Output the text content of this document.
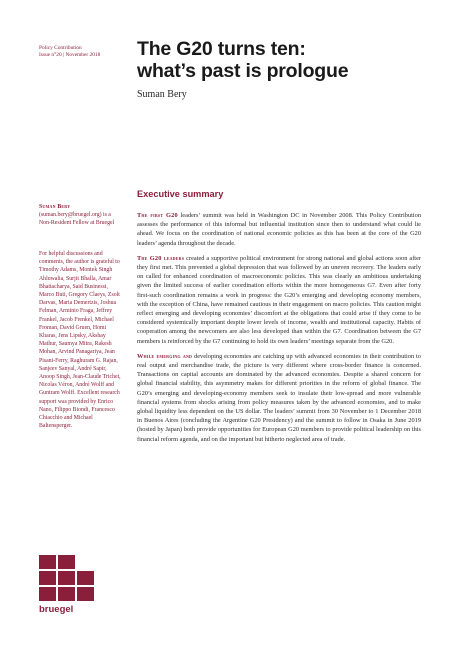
Policy Contribution
Issue n°20 | November 2018 The G20 turns ten:
what’s past is prologue
Suman Bery
Executive summary
Suman Bery (suman.bery@bruegel.org) is a Non-Resident Fellow at Bruegel
For helpful discussions and comments, the author is grateful to Timothy Adams, Montek Singh Ahluwalia, Surjit Bhalla, Amar Bhattacharya, Said Businessi, Marco Buti, Gregory Claeys, Zsolt Darvas, Maria Demertzis, Joshua Felman, Arminio Fraga, Jeffrey Frankel, Jacob Frenkel, Michael Froman, David Gruen, Homi Kharas, Jens Lipsky, Akshay Mathur, Saumya Mitra, Rakesh Mohan, Arvind Panagariya, Jean Pisani-Ferry, Raghuram G. Rajan, Sanjeev Sanyal, André Sapir, Anoop Singh, Jean-Claude Trichet, Nicolas Véron, André Wolff and Guntram Wolff. Excellent research support was provided by Enrico Nano, Filippo Biondi, Francesco Chiacchio and Michael Baltensperger.

The first G20 leaders’ summit was held in Washington DC in November 2008. This Policy Contribution assesses the performance of this informal but influential institution since then to understand what could lie ahead. We focus on the coordination of national economic policies as this has been at the core of the G20 leaders’ agenda throughout the decade.

The G20 leaders created a supportive political environment for strong national and global actions soon after they first met. This prevented a global depression that was followed by an uneven recovery. The leaders early on called for enhanced coordination of macroeconomic policies. This was clearly an ambitious undertaking given the limited success of earlier coordination efforts within the more homogeneous G7. Even after forty first-such coordination remains a work in progress: the G20’s emerging and developing economy members, with the exception of China, have remained cautious in their engagement on macro policies. This caution might reflect emerging and developing economies’ discomfort at the obligations that could arise if they come to be considered systemically important despite lower levels of income, wealth and institutional capacity. Habits of cooperation among the newcomers are also less developed than within the G7. Coordination between the G7 members is reinforced by the G7 continuing to hold its own leaders’ meetings separate from the G20.

While emerging and developing economies are catching up with advanced economies in their contribution to real output and merchandise trade, the picture is very different where cross-border finance is concerned. Transactions on capital accounts are dominated by the advanced economies. Despite a shared concern for global financial stability, this asymmetry makes for different priorities in the reform of global finance. The G20’s emerging and developing-economy members seek to insulate their low-spread and more vulnerable financial systems from shocks arising from policy measures taken by the advanced economies, and to make global liquidity less dependent on the US dollar. The leaders’ summit from 30 November to 1 December 2018 in Buenos Aires (concluding the Argentine G20 Presidency) and the summit to follow in Osaka in June 2019 (hosted by Japan) both provide opportunities for European G20 members to provide political leadership on this financial reform agenda, and on the important but hitherto neglected area of trade.

bruegel
